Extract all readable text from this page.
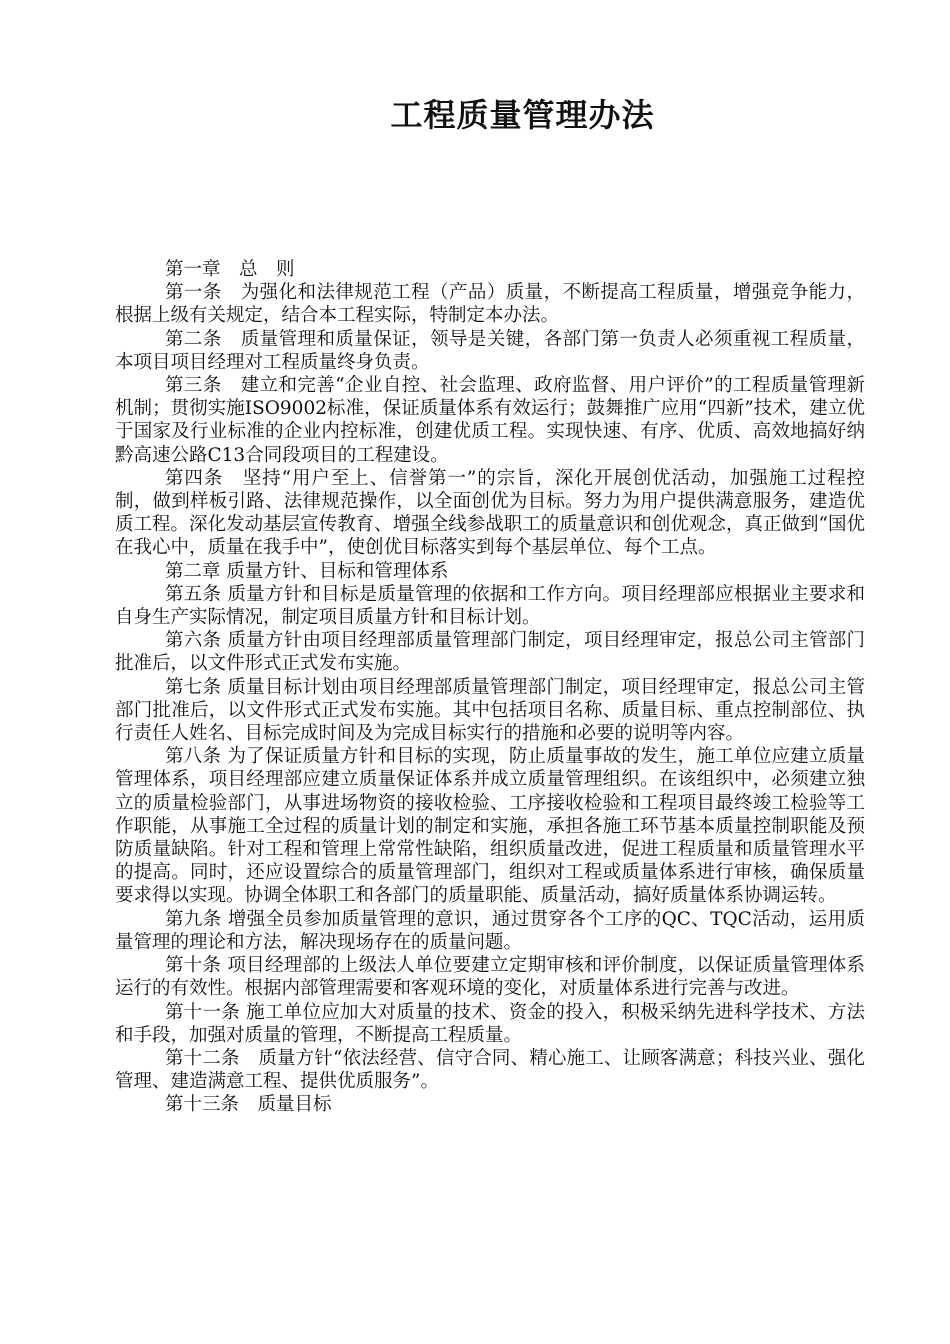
工程质量管理办法

第一章　总　则

第一条　为强化和法律规范工程（产品）质量，不断提高工程质量，增强竞争能力，根据上级有关规定，结合本工程实际，特制定本办法。

第二条　质量管理和质量保证，领导是关键，各部门第一负责人必须重视工程质量，本项目项目经理对工程质量终身负责。

第三条　建立和完善“企业自控、社会监理、政府监督、用户评价”的工程质量管理新机制；贯彻实施ISO9002标准，保证质量体系有效运行；鼓舞推广应用“四新”技术，建立优于国家及行业标准的企业内控标准，创建优质工程。实现快速、有序、优质、高效地搞好纳黔高速公路C13合同段项目的工程建设。

第四条　坚持“用户至上、信誉第一”的宗旨，深化开展创优活动，加强施工过程控制，做到样板引路、法律规范操作，以全面创优为目标。努力为用户提供满意服务，建造优质工程。深化发动基层宣传教育、增强全线参战职工的质量意识和创优观念，真正做到“国优在我心中，质量在我手中”，使创优目标落实到每个基层单位、每个工点。

第二章 质量方针、目标和管理体系

第五条 质量方针和目标是质量管理的依据和工作方向。项目经理部应根据业主要求和自身生产实际情况，制定项目质量方针和目标计划。

第六条 质量方针由项目经理部质量管理部门制定，项目经理审定，报总公司主管部门批准后，以文件形式正式发布实施。

第七条 质量目标计划由项目经理部质量管理部门制定，项目经理审定，报总公司主管部门批准后，以文件形式正式发布实施。其中包括项目名称、质量目标、重点控制部位、执行责任人姓名、目标完成时间及为完成目标实行的措施和必要的说明等内容。

第八条 为了保证质量方针和目标的实现，防止质量事故的发生，施工单位应建立质量管理体系，项目经理部应建立质量保证体系并成立质量管理组织。在该组织中，必须建立独立的质量检验部门，从事进场物资的接收检验、工序接收检验和工程项目最终竣工检验等工作职能，从事施工全过程的质量计划的制定和实施，承担各施工环节基本质量控制职能及预防质量缺陷。针对工程和管理上常常性缺陷，组织质量改进，促进工程质量和质量管理水平的提高。同时，还应设置综合的质量管理部门，组织对工程或质量体系进行审核，确保质量要求得以实现。协调全体职工和各部门的质量职能、质量活动，搞好质量体系协调运转。

第九条 增强全员参加质量管理的意识，通过贯穿各个工序的QC、TQC活动，运用质量管理的理论和方法，解决现场存在的质量问题。

第十条 项目经理部的上级法人单位要建立定期审核和评价制度，以保证质量管理体系运行的有效性。根据内部管理需要和客观环境的变化，对质量体系进行完善与改进。

第十一条 施工单位应加大对质量的技术、资金的投入，积极采纳先进科学技术、方法和手段，加强对质量的管理，不断提高工程质量。

第十二条　质量方针“依法经营、信守合同、精心施工、让顾客满意；科技兴业、强化管理、建造满意工程、提供优质服务”。

第十三条　质量目标
